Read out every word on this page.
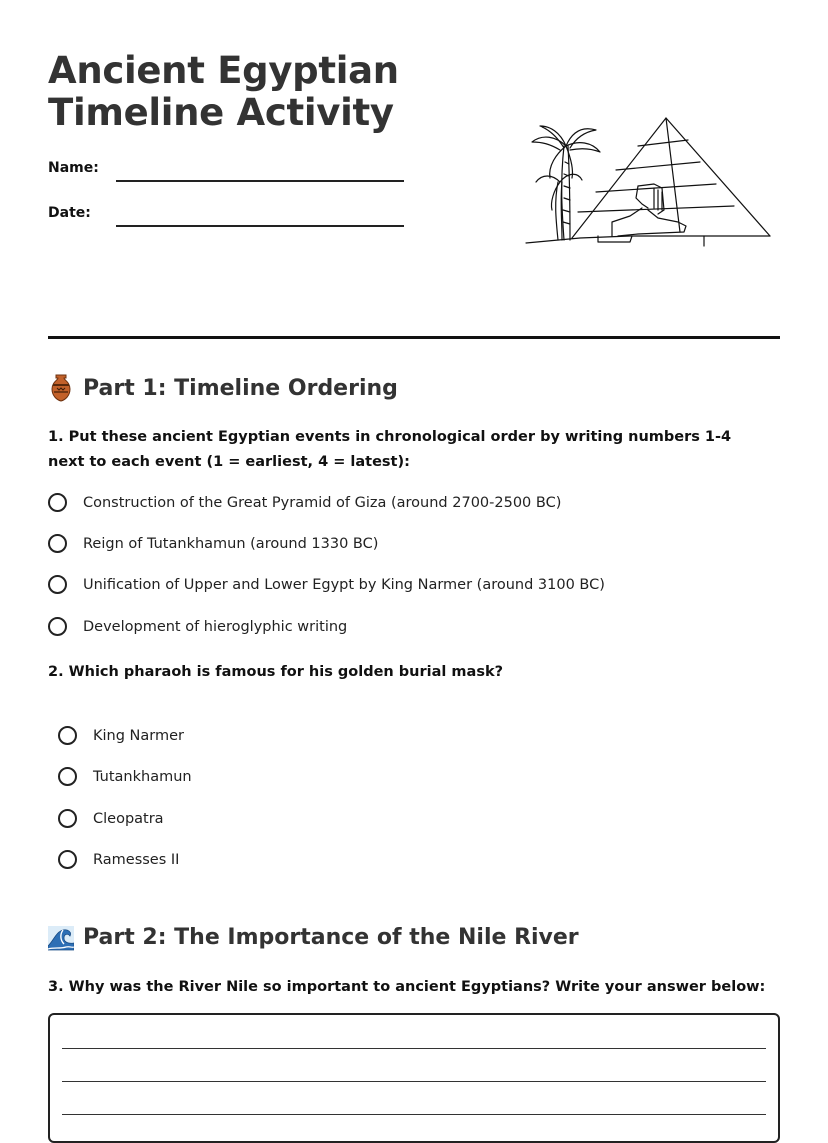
Ancient Egyptian
Timeline Activity
Name:
Date:
Part 1: Timeline Ordering

1. Put these ancient Egyptian events in chronological order by writing numbers 1-4 next to each event (1 = earliest, 4 = latest):

Construction of the Great Pyramid of Giza (around 2700-2500 BC)
Reign of Tutankhamun (around 1330 BC)
Unification of Upper and Lower Egypt by King Narmer (around 3100 BC)
Development of hieroglyphic writing

2. Which pharaoh is famous for his golden burial mask?

King Narmer
Tutankhamun
Cleopatra
Ramesses II
Part 2: The Importance of the Nile River

3. Why was the River Nile so important to ancient Egyptians? Write your answer below:
